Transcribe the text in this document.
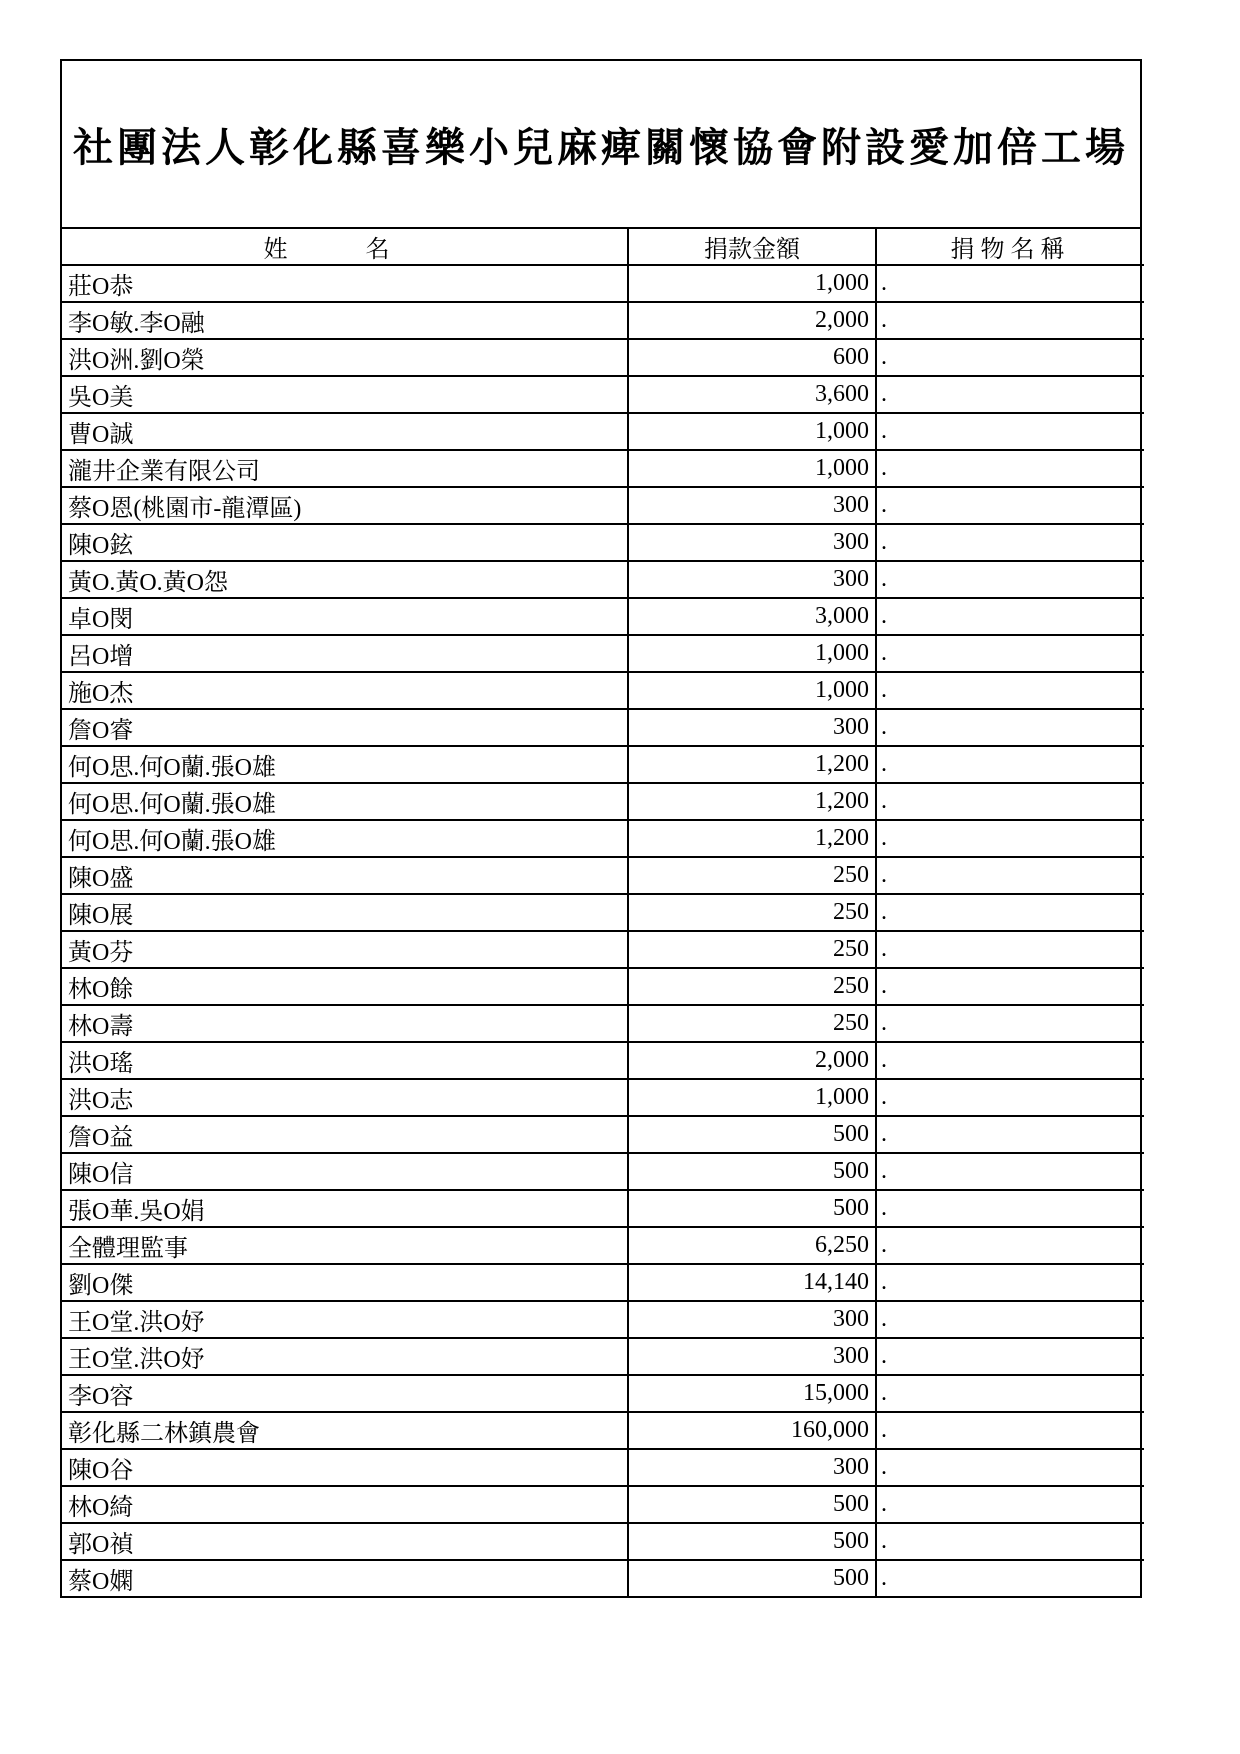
社團法人彰化縣喜樂小兒麻痺關懷協會附設愛加倍工場
姓 名	捐款金額	捐物名稱
莊O恭	1,000	.
李O敏.李O融	2,000	.
洪O洲.劉O榮	600	.
吳O美	3,600	.
曹O誠	1,000	.
瀧井企業有限公司	1,000	.
蔡O恩(桃園市-龍潭區)	300	.
陳O鉉	300	.
黃O.黃O.黃O怨	300	.
卓O閔	3,000	.
呂O增	1,000	.
施O杰	1,000	.
詹O睿	300	.
何O思.何O蘭.張O雄	1,200	.
何O思.何O蘭.張O雄	1,200	.
何O思.何O蘭.張O雄	1,200	.
陳O盛	250	.
陳O展	250	.
黃O芬	250	.
林O餘	250	.
林O壽	250	.
洪O瑤	2,000	.
洪O志	1,000	.
詹O益	500	.
陳O信	500	.
張O華.吳O娟	500	.
全體理監事	6,250	.
劉O傑	14,140	.
王O堂.洪O妤	300	.
王O堂.洪O妤	300	.
李O容	15,000	.
彰化縣二林鎮農會	160,000	.
陳O谷	300	.
林O綺	500	.
郭O禎	500	.
蔡O嫻	500	.
